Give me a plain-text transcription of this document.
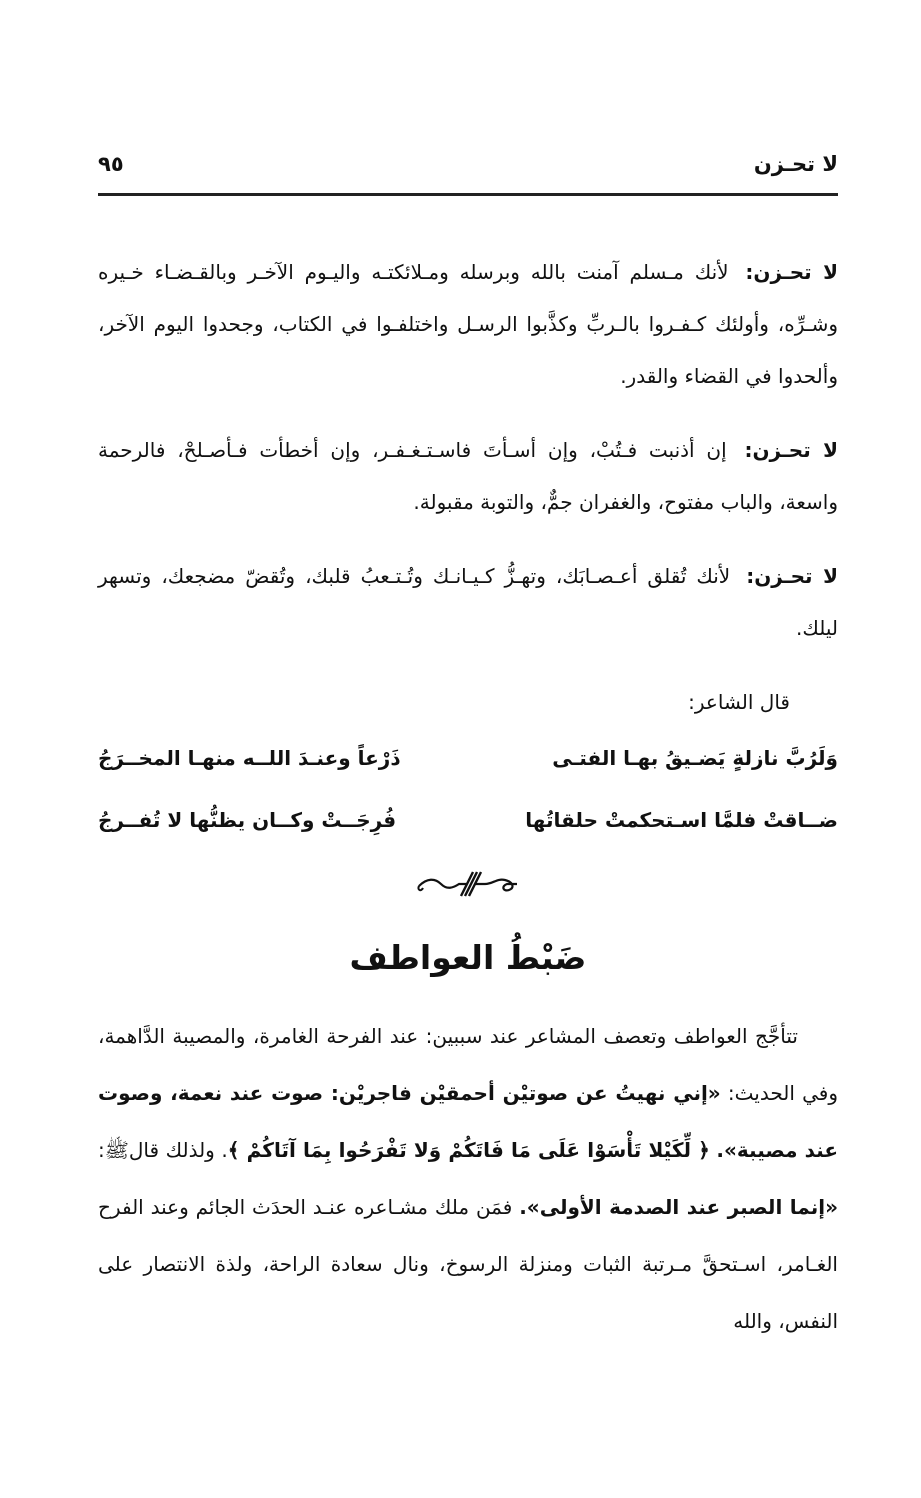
لا تحـزن
٩٥

لا تحـزن: لأنك مـسلم آمنت بالله وبرسله ومـلائكتـه واليـوم الآخـر وبالقـضـاء خـيره وشـرِّه، وأولئك كـفـروا بالـربِّ وكذَّبوا الرسـل واختلفـوا في الكتاب، وجحدوا اليوم الآخر، وألحدوا في القضاء والقدر.

لا تحـزن: إن أذنبت فـتُبْ، وإن أسـأتَ فاسـتـغـفـر، وإن أخطأت فـأصـلحْ، فالرحمة واسعة، والباب مفتوح، والغفران جمٌّ، والتوبة مقبولة.

لا تحـزن: لأنك تُقلق أعـصـابَك، وتهـزُّ كـيـانـك وتُـتـعبُ قلبك، وتُقضّ مضجعك، وتسهر ليلك.

قال الشاعر:

وَلَرُبَّ نازلةٍ يَضـيقُ بهـا الفتـى
ذَرْعاً وعنـدَ اللــه منهـا المخــرَجُ
ضــاقتْ فلمَّا اسـتحكمتْ حلقاتُها
فُرِجَــتْ وكــان يظنُّها لا تُفــرجُ
ضَبْطُ العواطف

تتأجَّج العواطف وتعصف المشاعر عند سببين: عند الفرحة الغامرة، والمصيبة الدَّاهمة، وفي الحديث: «إني نهيتُ عن صوتيْن أحمقيْن فاجريْن: صوت عند نعمة، وصوت عند مصيبة». ﴿ لِّكَيْلا تَأْسَوْا عَلَى مَا فَاتَكُمْ وَلا تَفْرَحُوا بِمَا آتَاكُمْ ﴾. ولذلك قالﷺ: «إنما الصبر عند الصدمة الأولى». فمَن ملك مشـاعره عنـد الحدَث الجائم وعند الفرح الغـامر، اسـتحقَّ مـرتبة الثبات ومنزلة الرسوخ، ونال سعادة الراحة، ولذة الانتصار على النفس، والله
